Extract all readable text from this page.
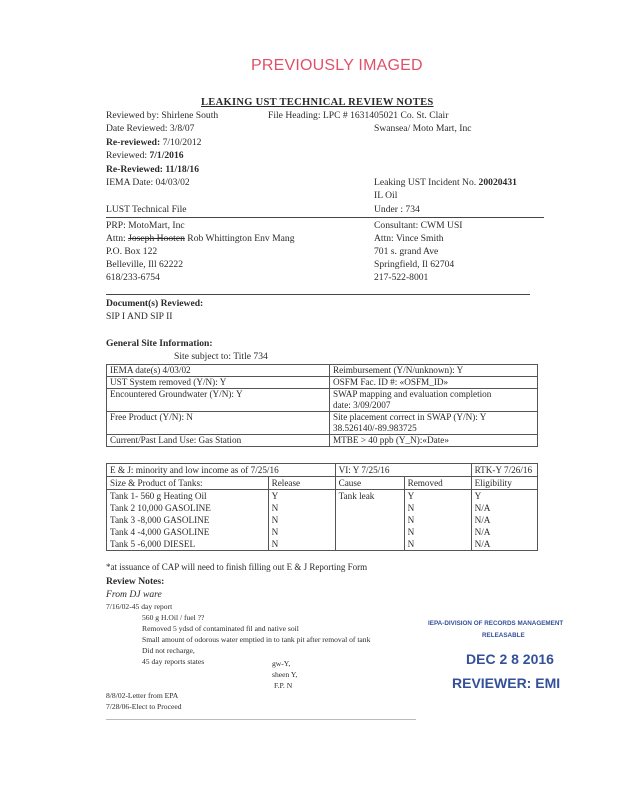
PREVIOUSLY IMAGED
LEAKING UST TECHNICAL REVIEW NOTES
Reviewed by: Shirlene South	File Heading: LPC # 1631405021 Co. St. Clair
Date Reviewed: 3/8/07	Swansea/ Moto Mart, Inc
Re-reviewed: 7/10/2012
Reviewed: 7/1/2016
Re-Reviewed: 11/18/16
IEMA Date: 04/03/02	Leaking UST Incident No. 20020431
IL Oil
LUST Technical File	Under : 734
PRP: MotoMart, Inc
Attn: Joseph Hooten Rob Whittington Env Mang
P.O. Box 122
Belleville, Ill 62222
618/233-6754
Consultant: CWM USI
Attn: Vince Smith
701 s. grand Ave
Springfield, Il 62704
217-522-8001
Document(s) Reviewed:
SIP I AND SIP II
General Site Information:
Site subject to: Title 734
IEMA date(s) 4/03/02	Reimbursement (Y/N/unknown): Y
UST System removed (Y/N): Y	OSFM Fac. ID #: «OSFM_ID»
Encountered Groundwater (Y/N): Y	SWAP mapping and evaluation completion
date: 3/09/2007
Free Product (Y/N): N	Site placement correct in SWAP (Y/N): Y
38.526140/-89.983725
Current/Past Land Use: Gas Station	MTBE > 40 ppb (Y_N):«Date»
E & J: minority and low income as of 7/25/16		VI: Y 7/25/16		RTK-Y 7/26/16
Size & Product of Tanks:	Release	Cause	Removed	Eligibility
Tank 1- 560 g Heating Oil	Y	Tank leak	Y	Y
Tank 2 10,000 GASOLINE	N		N	N/A
Tank 3 -8,000 GASOLINE	N		N	N/A
Tank 4 -4,000 GASOLINE	N		N	N/A
Tank 5 -6,000 DIESEL	N		N	N/A
*at issuance of CAP will need to finish filling out E & J Reporting Form
Review Notes:
From DJ ware
7/16/02-45 day report
560 g H.Oil / fuel ??
Removed 5 ydsd of contaminated fil and native soil
Small amount of odorous water emptied in to tank pit after removal of tank
Did not recharge,
45 day reports states	gw-Y,
sheen Y,
F.P. N
8/8/02-Letter from EPA
7/28/06-Elect to Proceed
IEPA-DIVISION OF RECORDS MANAGEMENT
RELEASABLE
DEC 2 8 2016
REVIEWER: EMI
